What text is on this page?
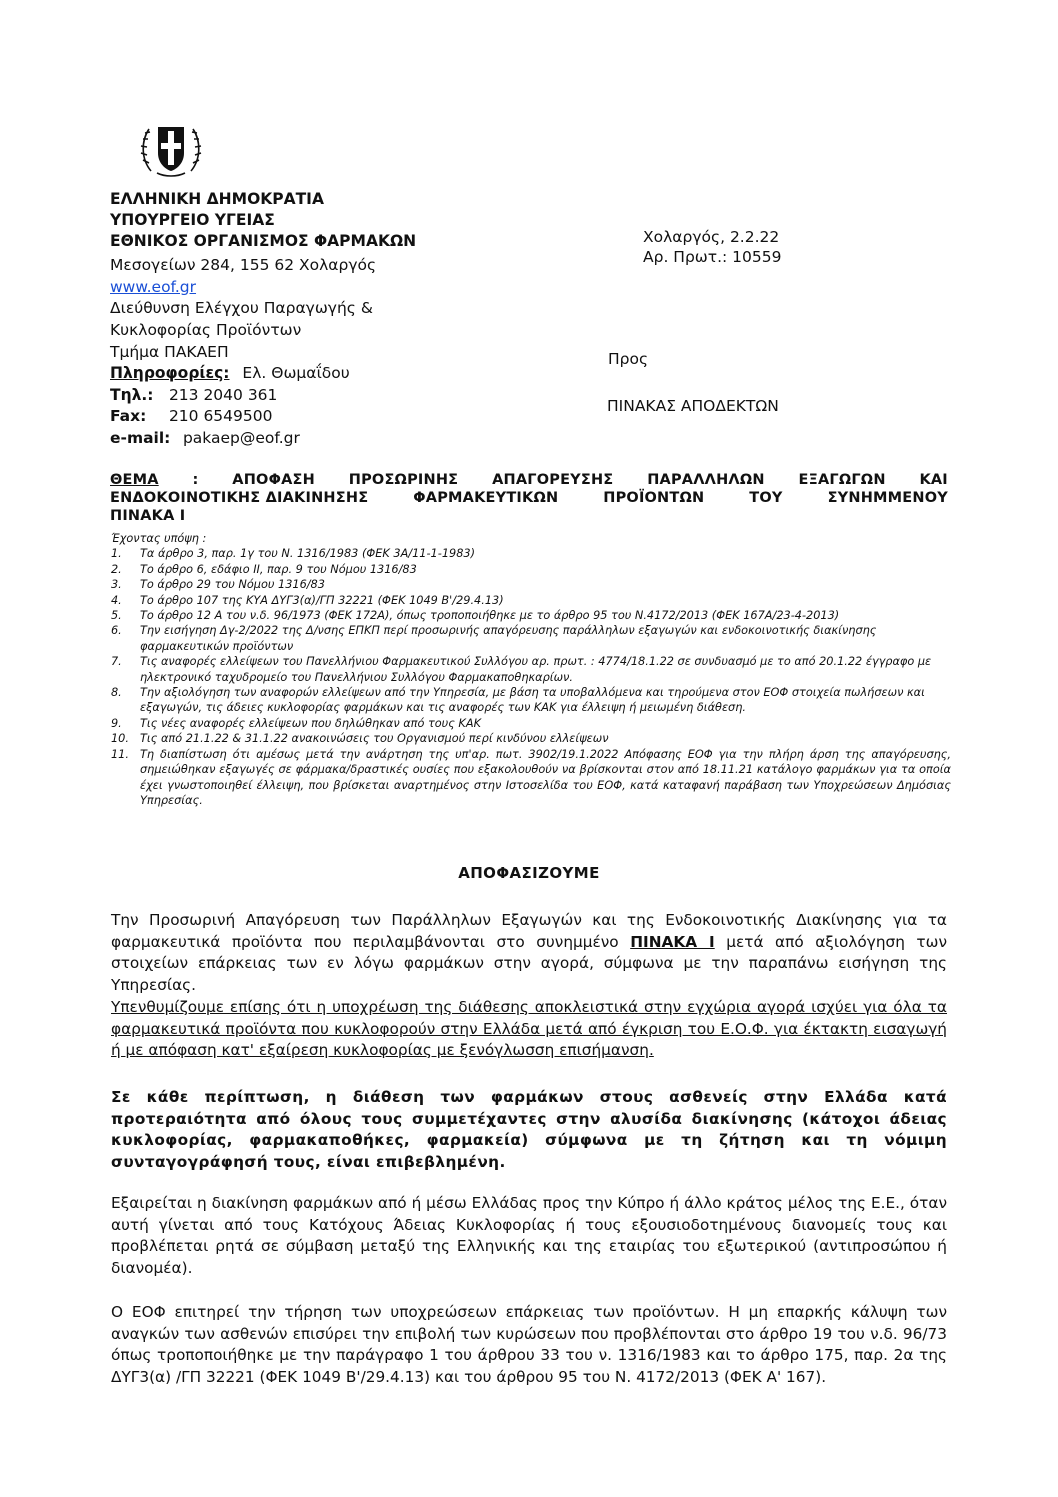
ΕΛΛΗΝΙΚΗ ΔΗΜΟΚΡΑΤΙΑ
ΥΠΟΥΡΓΕΙΟ ΥΓΕΙΑΣ
ΕΘΝΙΚΟΣ ΟΡΓΑΝΙΣΜΟΣ ΦΑΡΜΑΚΩΝ
Μεσογείων 284, 155 62 Χολαργός
www.eof.gr
Διεύθυνση Ελέγχου Παραγωγής &
Κυκλοφορίας Προϊόντων
Τμήμα ΠΑΚΑΕΠ
Πληροφορίες: Ελ. Θωμαΐδου
Τηλ.: 213 2040 361
Fax: 210 6549500
e-mail: pakaep@eof.gr
Χολαργός, 2.2.22
Αρ. Πρωτ.: 10559
Προς
ΠΙΝΑΚΑΣ ΑΠΟΔΕΚΤΩΝ
ΘΕΜΑ : ΑΠΟΦΑΣΗ ΠΡΟΣΩΡΙΝΗΣ ΑΠΑΓΟΡΕΥΣΗΣ ΠΑΡΑΛΛΗΛΩΝ ΕΞΑΓΩΓΩΝ ΚΑΙ
ΕΝΔΟΚΟΙΝΟΤΙΚΗΣ ΔΙΑΚΙΝΗΣΗΣ	ΦΑΡΜΑΚΕΥΤΙΚΩΝ	ΠΡΟΪΟΝΤΩΝ	ΤΟΥ	ΣΥΝΗΜΜΕΝΟΥ
ΠΙΝΑΚΑ Ι
Έχοντας υπόψη :
1.	Τα άρθρο 3, παρ. 1γ του Ν. 1316/1983 (ΦΕΚ 3Α/11-1-1983)
2.	Το άρθρο 6, εδάφιο ΙΙ, παρ. 9 του Νόμου 1316/83
3.	Το άρθρο 29 του Νόμου 1316/83
4.	Το άρθρο 107 της ΚΥΑ ΔΥΓ3(α)/ΓΠ 32221 (ΦΕΚ 1049 Β'/29.4.13)
5.	Το άρθρο 12 Α του ν.δ. 96/1973 (ΦΕΚ 172Α), όπως τροποποιήθηκε με το άρθρο 95 του Ν.4172/2013 (ΦΕΚ 167Α/23-4-2013)
6.	Την εισήγηση Δγ-2/2022 της Δ/νσης ΕΠΚΠ περί προσωρινής απαγόρευσης παράλληλων εξαγωγών και ενδοκοινοτικής διακίνησης φαρμακευτικών προϊόντων
7.	Τις αναφορές ελλείψεων του Πανελλήνιου Φαρμακευτικού Συλλόγου αρ. πρωτ. : 4774/18.1.22 σε συνδυασμό με το από 20.1.22 έγγραφο με ηλεκτρονικό ταχυδρομείο του Πανελλήνιου Συλλόγου Φαρμακαποθηκαρίων.
8.	Την αξιολόγηση των αναφορών ελλείψεων από την Υπηρεσία, με βάση τα υποβαλλόμενα και τηρούμενα στον ΕΟΦ στοιχεία πωλήσεων και εξαγωγών, τις άδειες κυκλοφορίας φαρμάκων και τις αναφορές των ΚΑΚ για έλλειψη ή μειωμένη διάθεση.
9.	Τις νέες αναφορές ελλείψεων που δηλώθηκαν από τους ΚΑΚ
10. Τις από 21.1.22 & 31.1.22 ανακοινώσεις του Οργανισμού περί κινδύνου ελλείψεων
11. Τη διαπίστωση ότι αμέσως μετά την ανάρτηση της υπ'αρ. πωτ. 3902/19.1.2022 Απόφασης ΕΟΦ για την πλήρη άρση της απαγόρευσης, σημειώθηκαν εξαγωγές σε φάρμακα/δραστικές ουσίες που εξακολουθούν να βρίσκονται στον από 18.11.21 κατάλογο φαρμάκων για τα οποία έχει γνωστοποιηθεί έλλειψη, που βρίσκεται αναρτημένος στην Ιστοσελίδα του ΕΟΦ, κατά καταφανή παράβαση των Υποχρεώσεων Δημόσιας Υπηρεσίας.
ΑΠΟΦΑΣΙΖΟΥΜΕ
Την Προσωρινή Απαγόρευση των Παράλληλων Εξαγωγών και της Ενδοκοινοτικής Διακίνησης για τα φαρμακευτικά προϊόντα που περιλαμβάνονται στο συνημμένο ΠΙΝΑΚΑ Ι μετά από αξιολόγηση των στοιχείων επάρκειας των εν λόγω φαρμάκων στην αγορά, σύμφωνα με την παραπάνω εισήγηση της Υπηρεσίας.
Υπενθυμίζουμε επίσης ότι η υποχρέωση της διάθεσης αποκλειστικά στην εγχώρια αγορά ισχύει για όλα τα φαρμακευτικά προϊόντα που κυκλοφορούν στην Ελλάδα μετά από έγκριση του Ε.Ο.Φ. για έκτακτη εισαγωγή ή με απόφαση κατ' εξαίρεση κυκλοφορίας με ξενόγλωσση επισήμανση.
Σε κάθε περίπτωση, η διάθεση των φαρμάκων στους ασθενείς στην Ελλάδα κατά προτεραιότητα από όλους τους συμμετέχαντες στην αλυσίδα διακίνησης (κάτοχοι άδειας κυκλοφορίας, φαρμακαποθήκες, φαρμακεία) σύμφωνα με τη ζήτηση και τη νόμιμη συνταγογράφησή τους, είναι επιβεβλημένη.
Εξαιρείται η διακίνηση φαρμάκων από ή μέσω Ελλάδας προς την Κύπρο ή άλλο κράτος μέλος της Ε.Ε., όταν αυτή γίνεται από τους Κατόχους Άδειας Κυκλοφορίας ή τους εξουσιοδοτημένους διανομείς τους και προβλέπεται ρητά σε σύμβαση μεταξύ της Ελληνικής και της εταιρίας του εξωτερικού (αντιπροσώπου ή διανομέα).
Ο ΕΟΦ επιτηρεί την τήρηση των υποχρεώσεων επάρκειας των προϊόντων. Η μη επαρκής κάλυψη των αναγκών των ασθενών επισύρει την επιβολή των κυρώσεων που προβλέπονται στο άρθρο 19 του ν.δ. 96/73 όπως τροποποιήθηκε με την παράγραφο 1 του άρθρου 33 του ν. 1316/1983 και το άρθρο 175, παρ. 2α της ΔΥΓ3(α) /ΓΠ 32221 (ΦΕΚ 1049 Β'/29.4.13) και του άρθρου 95 του Ν. 4172/2013 (ΦΕΚ Α' 167).
